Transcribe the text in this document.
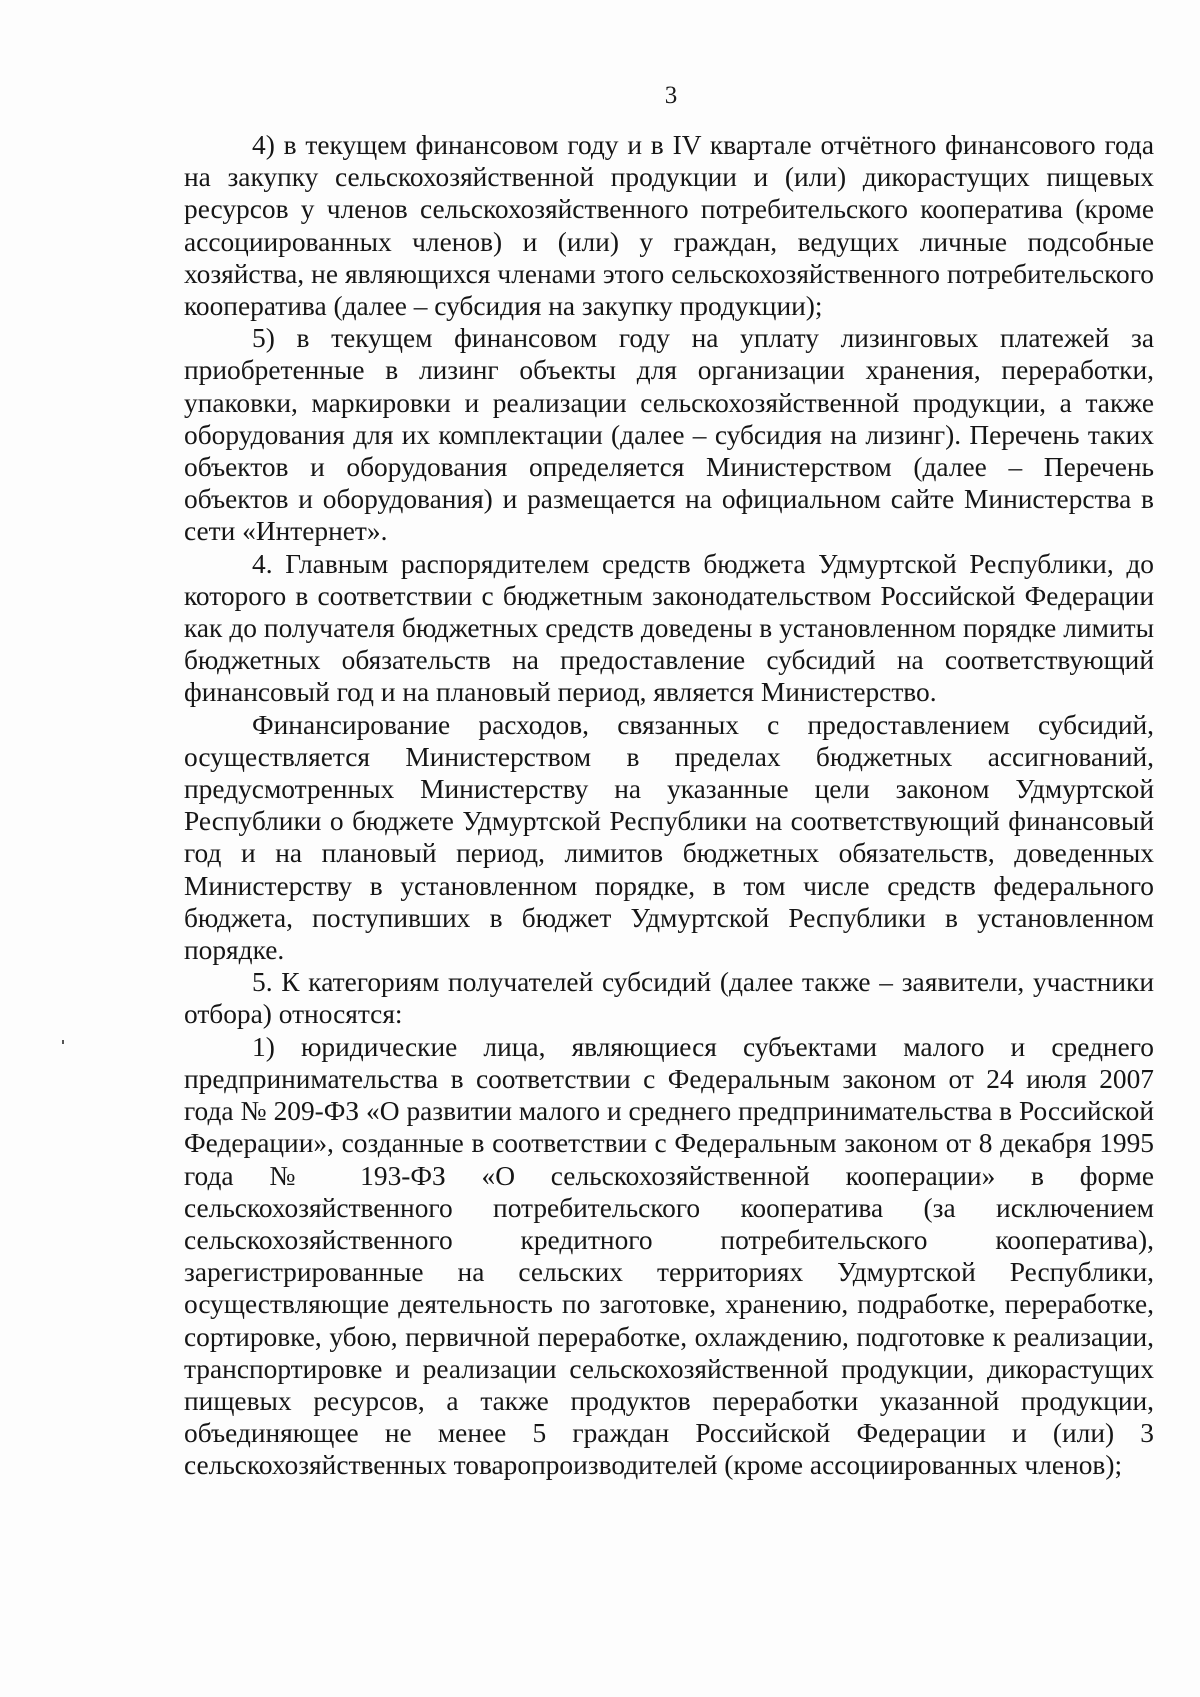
3

4) в текущем финансовом году и в IV квартале отчётного финансового года на закупку сельскохозяйственной продукции и (или) дикорастущих пищевых ресурсов у членов сельскохозяйственного потребительского кооператива (кроме ассоциированных членов) и (или) у граждан, ведущих личные подсобные хозяйства, не являющихся членами этого сельскохозяйственного потребительского кооператива (далее – субсидия на закупку продукции);

5) в текущем финансовом году на уплату лизинговых платежей за приобретенные в лизинг объекты для организации хранения, переработки, упаковки, маркировки и реализации сельскохозяйственной продукции, а также оборудования для их комплектации (далее – субсидия на лизинг). Перечень таких объектов и оборудования определяется Министерством (далее – Перечень объектов и оборудования) и размещается на официальном сайте Министерства в сети «Интернет».

4. Главным распорядителем средств бюджета Удмуртской Республики, до которого в соответствии с бюджетным законодательством Российской Федерации как до получателя бюджетных средств доведены в установленном порядке лимиты бюджетных обязательств на предоставление субсидий на соответствующий финансовый год и на плановый период, является Министерство.

Финансирование расходов, связанных с предоставлением субсидий, осуществляется Министерством в пределах бюджетных ассигнований, предусмотренных Министерству на указанные цели законом Удмуртской Республики о бюджете Удмуртской Республики на соответствующий финансовый год и на плановый период, лимитов бюджетных обязательств, доведенных Министерству в установленном порядке, в том числе средств федерального бюджета, поступивших в бюджет Удмуртской Республики в установленном порядке.

5. К категориям получателей субсидий (далее также – заявители, участники отбора) относятся:

1) юридические лица, являющиеся субъектами малого и среднего предпринимательства в соответствии с Федеральным законом от 24 июля 2007 года № 209-ФЗ «О развитии малого и среднего предпринимательства в Российской Федерации», созданные в соответствии с Федеральным законом от 8 декабря 1995 года № 193-ФЗ «О сельскохозяйственной кооперации» в форме сельскохозяйственного потребительского кооператива (за исключением сельскохозяйственного кредитного потребительского кооператива), зарегистрированные на сельских территориях Удмуртской Республики, осуществляющие деятельность по заготовке, хранению, подработке, переработке, сортировке, убою, первичной переработке, охлаждению, подготовке к реализации, транспортировке и реализации сельскохозяйственной продукции, дикорастущих пищевых ресурсов, а также продуктов переработки указанной продукции, объединяющее не менее 5 граждан Российской Федерации и (или) 3 сельскохозяйственных товаропроизводителей (кроме ассоциированных членов);
